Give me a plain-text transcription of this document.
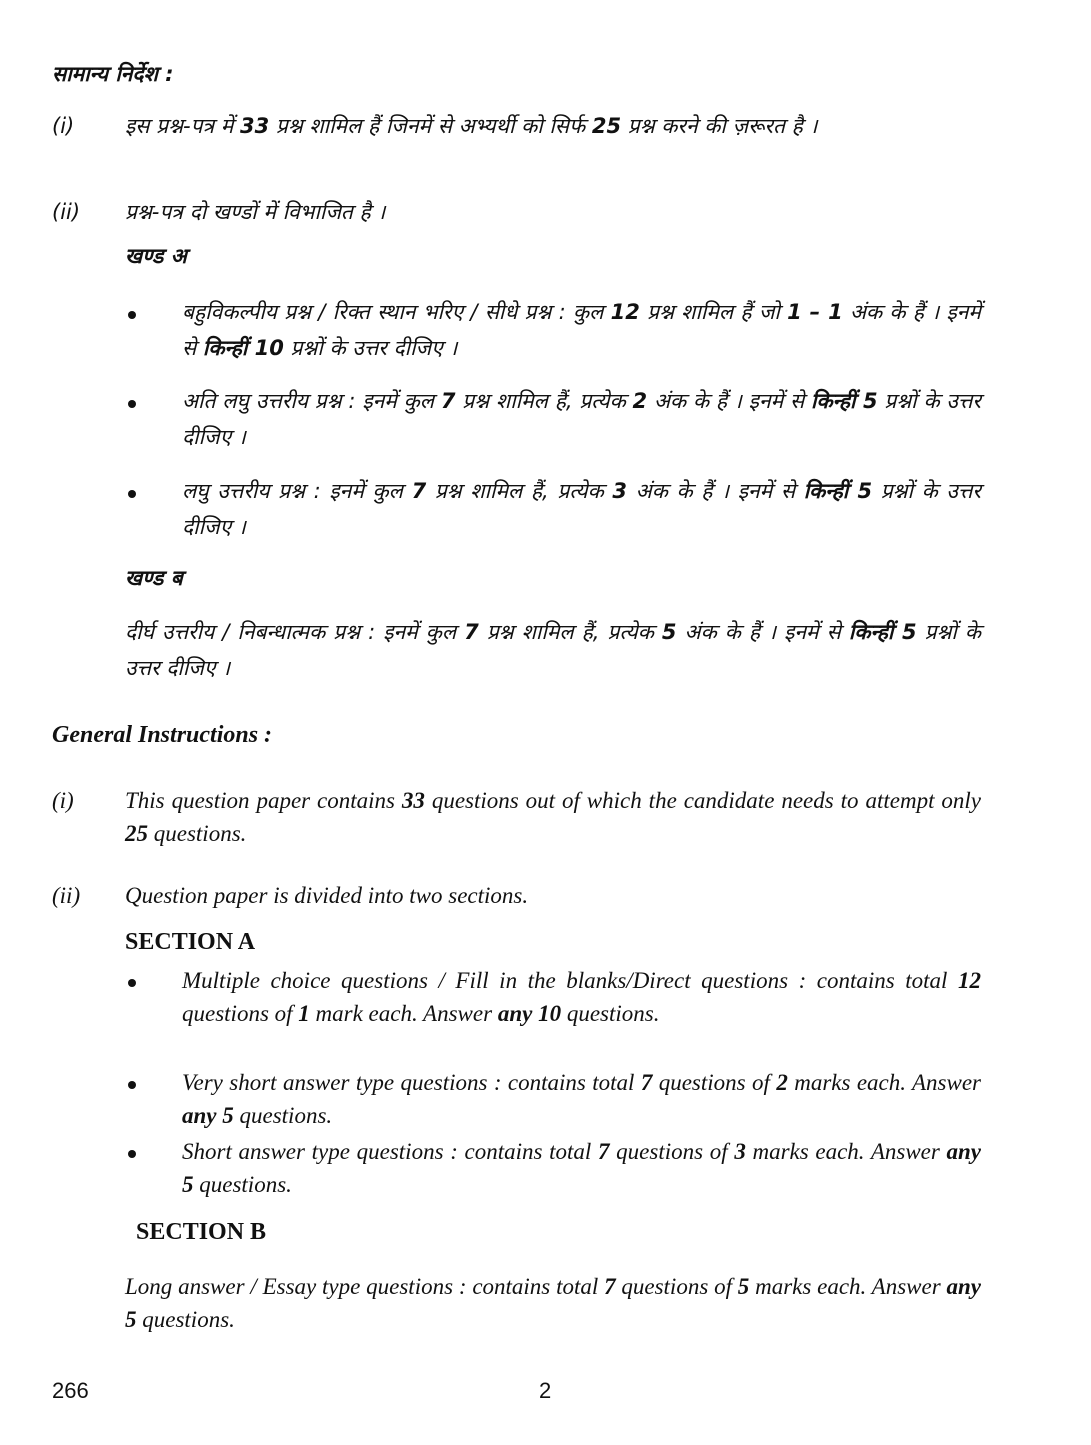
सामान्य निर्देश :
(i)	इस प्रश्न-पत्र में 33 प्रश्न शामिल हैं जिनमें से अभ्यर्थी को सिर्फ 25 प्रश्न करने की ज़रूरत है ।
(ii)	प्रश्न-पत्र दो खण्डों में विभाजित है ।
खण्ड अ
बहुविकल्पीय प्रश्न / रिक्त स्थान भरिए / सीधे प्रश्न : कुल 12 प्रश्न शामिल हैं जो 1 – 1 अंक के हैं । इनमें से किन्हीं 10 प्रश्नों के उत्तर दीजिए ।
अति लघु उत्तरीय प्रश्न : इनमें कुल 7 प्रश्न शामिल हैं, प्रत्येक 2 अंक के हैं । इनमें से किन्हीं 5 प्रश्नों के उत्तर दीजिए ।
लघु उत्तरीय प्रश्न : इनमें कुल 7 प्रश्न शामिल हैं, प्रत्येक 3 अंक के हैं । इनमें से किन्हीं 5 प्रश्नों के उत्तर दीजिए ।
खण्ड ब
दीर्घ उत्तरीय / निबन्धात्मक प्रश्न : इनमें कुल 7 प्रश्न शामिल हैं, प्रत्येक 5 अंक के हैं । इनमें से किन्हीं 5 प्रश्नों के उत्तर दीजिए ।
General Instructions :
(i)	This question paper contains 33 questions out of which the candidate needs to attempt only 25 questions.
(ii)	Question paper is divided into two sections.
SECTION A
Multiple choice questions / Fill in the blanks/Direct questions : contains total 12 questions of 1 mark each. Answer any 10 questions.
Very short answer type questions : contains total 7 questions of 2 marks each. Answer any 5 questions.
Short answer type questions : contains total 7 questions of 3 marks each. Answer any 5 questions.
SECTION B
Long answer / Essay type questions : contains total 7 questions of 5 marks each. Answer any 5 questions.
266	2
